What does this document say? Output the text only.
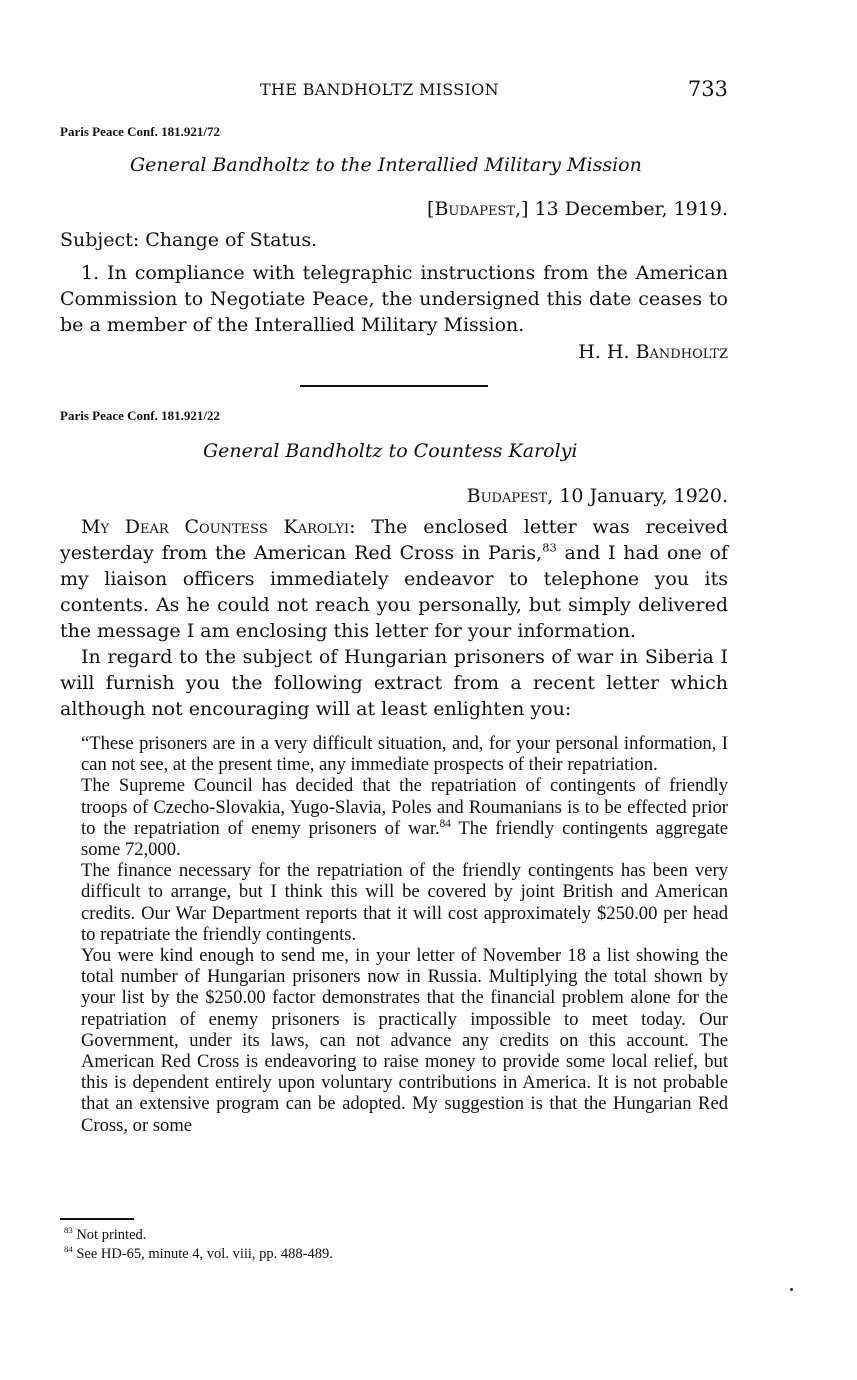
THE BANDHOLTZ MISSION	733
Paris Peace Conf. 181.921/72
General Bandholtz to the Interallied Military Mission
[Budapest,] 13 December, 1919.
Subject: Change of Status.
1. In compliance with telegraphic instructions from the American Commission to Negotiate Peace, the undersigned this date ceases to be a member of the Interallied Military Mission.
H. H. Bandholtz
Paris Peace Conf. 181.921/22
General Bandholtz to Countess Karolyi
Budapest, 10 January, 1920.
My Dear Countess Karolyi: The enclosed letter was received yesterday from the American Red Cross in Paris,$^{83}$ and I had one of my liaison officers immediately endeavor to telephone you its contents. As he could not reach you personally, but simply delivered the message I am enclosing this letter for your information.
In regard to the subject of Hungarian prisoners of war in Siberia I will furnish you the following extract from a recent letter which although not encouraging will at least enlighten you:

“These prisoners are in a very difficult situation, and, for your personal information, I can not see, at the present time, any immediate prospects of their repatriation.

The Supreme Council has decided that the repatriation of contingents of friendly troops of Czecho-Slovakia, Yugo-Slavia, Poles and Roumanians is to be effected prior to the repatriation of enemy prisoners of war.$^{84}$ The friendly contingents aggregate some 72,000.

The finance necessary for the repatriation of the friendly contingents has been very difficult to arrange, but I think this will be covered by joint British and American credits. Our War Department reports that it will cost approximately $250.00 per head to repatriate the friendly contingents.

You were kind enough to send me, in your letter of November 18 a list showing the total number of Hungarian prisoners now in Russia. Multiplying the total shown by your list by the $250.00 factor demonstrates that the financial problem alone for the repatriation of enemy prisoners is practically impossible to meet today. Our Government, under its laws, can not advance any credits on this account. The American Red Cross is endeavoring to raise money to provide some local relief, but this is dependent entirely upon voluntary contributions in America. It is not probable that an extensive program can be adopted. My suggestion is that the Hungarian Red Cross, or some

$^{83}$ Not printed.
$^{84}$ See HD-65, minute 4, vol. viii, pp. 488-489.
